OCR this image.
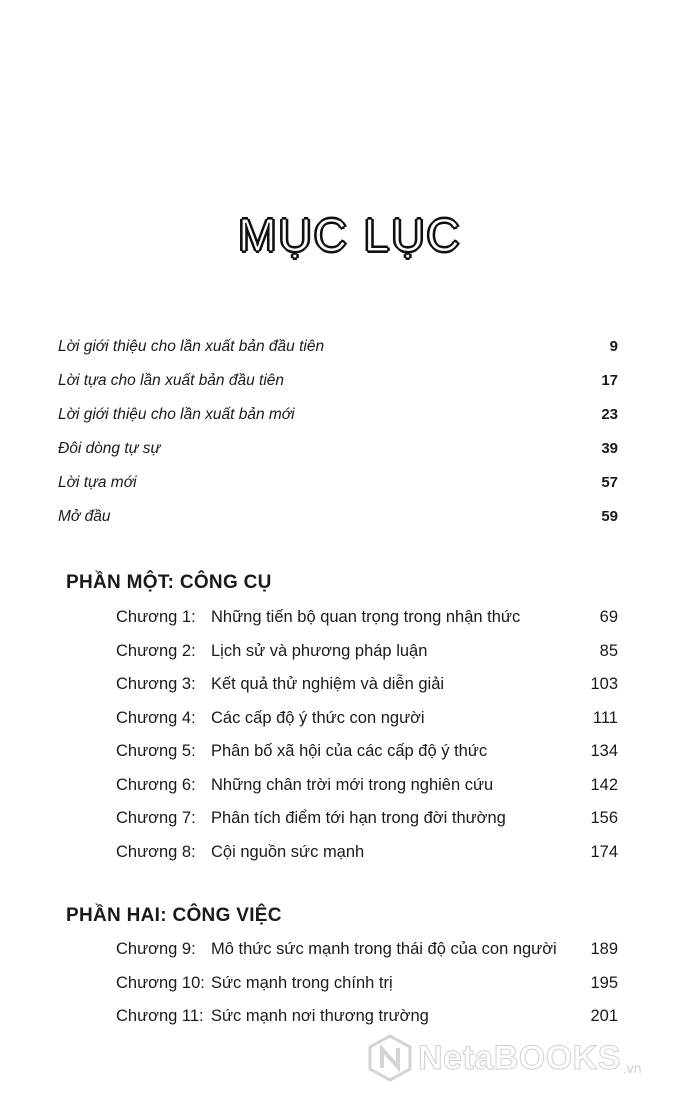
MỤC LỤC
Lời giới thiệu cho lần xuất bản đầu tiên	9
Lời tựa cho lần xuất bản đầu tiên	17
Lời giới thiệu cho lần xuất bản mới	23
Đôi dòng tự sự	39
Lời tựa mới	57
Mở đầu	59
PHẦN MỘT: CÔNG CỤ
Chương 1: Những tiến bộ quan trọng trong nhận thức	69
Chương 2: Lịch sử và phương pháp luận	85
Chương 3: Kết quả thử nghiệm và diễn giải	103
Chương 4: Các cấp độ ý thức con người	111
Chương 5: Phân bố xã hội của các cấp độ ý thức	134
Chương 6: Những chân trời mới trong nghiên cứu	142
Chương 7: Phân tích điểm tới hạn trong đời thường	156
Chương 8: Cội nguồn sức mạnh	174
PHẦN HAI: CÔNG VIỆC
Chương 9: Mô thức sức mạnh trong thái độ của con người	189
Chương 10: Sức mạnh trong chính trị	195
Chương 11: Sức mạnh nơi thương trường	201
NetaBOOKS .vn
